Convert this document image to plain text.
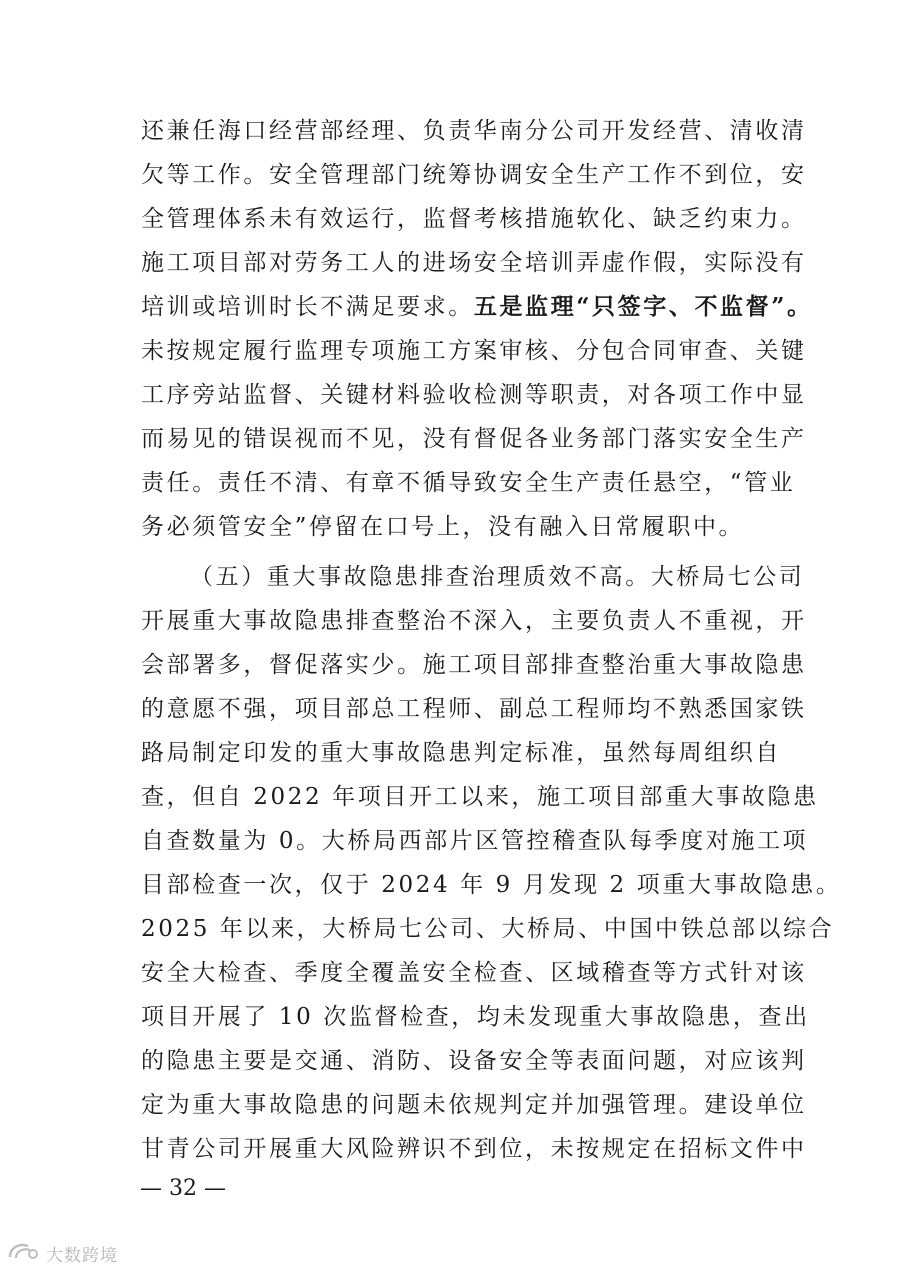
还兼任海口经营部经理、负责华南分公司开发经营、清收清
欠等工作。安全管理部门统筹协调安全生产工作不到位，安
全管理体系未有效运行，监督考核措施软化、缺乏约束力。
施工项目部对劳务工人的进场安全培训弄虚作假，实际没有
培训或培训时长不满足要求。五是监理“只签字、不监督”。
未按规定履行监理专项施工方案审核、分包合同审查、关键
工序旁站监督、关键材料验收检测等职责，对各项工作中显
而易见的错误视而不见，没有督促各业务部门落实安全生产
责任。责任不清、有章不循导致安全生产责任悬空，“管业
务必须管安全”停留在口号上，没有融入日常履职中。
（五）重大事故隐患排查治理质效不高。大桥局七公司
开展重大事故隐患排查整治不深入，主要负责人不重视，开
会部署多，督促落实少。施工项目部排查整治重大事故隐患
的意愿不强，项目部总工程师、副总工程师均不熟悉国家铁
路局制定印发的重大事故隐患判定标准，虽然每周组织自
查，但自 2022 年项目开工以来，施工项目部重大事故隐患
自查数量为 0。大桥局西部片区管控稽查队每季度对施工项
目部检查一次，仅于 2024 年 9 月发现 2 项重大事故隐患。
2025 年以来，大桥局七公司、大桥局、中国中铁总部以综合
安全大检查、季度全覆盖安全检查、区域稽查等方式针对该
项目开展了 10 次监督检查，均未发现重大事故隐患，查出
的隐患主要是交通、消防、设备安全等表面问题，对应该判
定为重大事故隐患的问题未依规判定并加强管理。建设单位
甘青公司开展重大风险辨识不到位，未按规定在招标文件中
— 32 —
大数跨境
